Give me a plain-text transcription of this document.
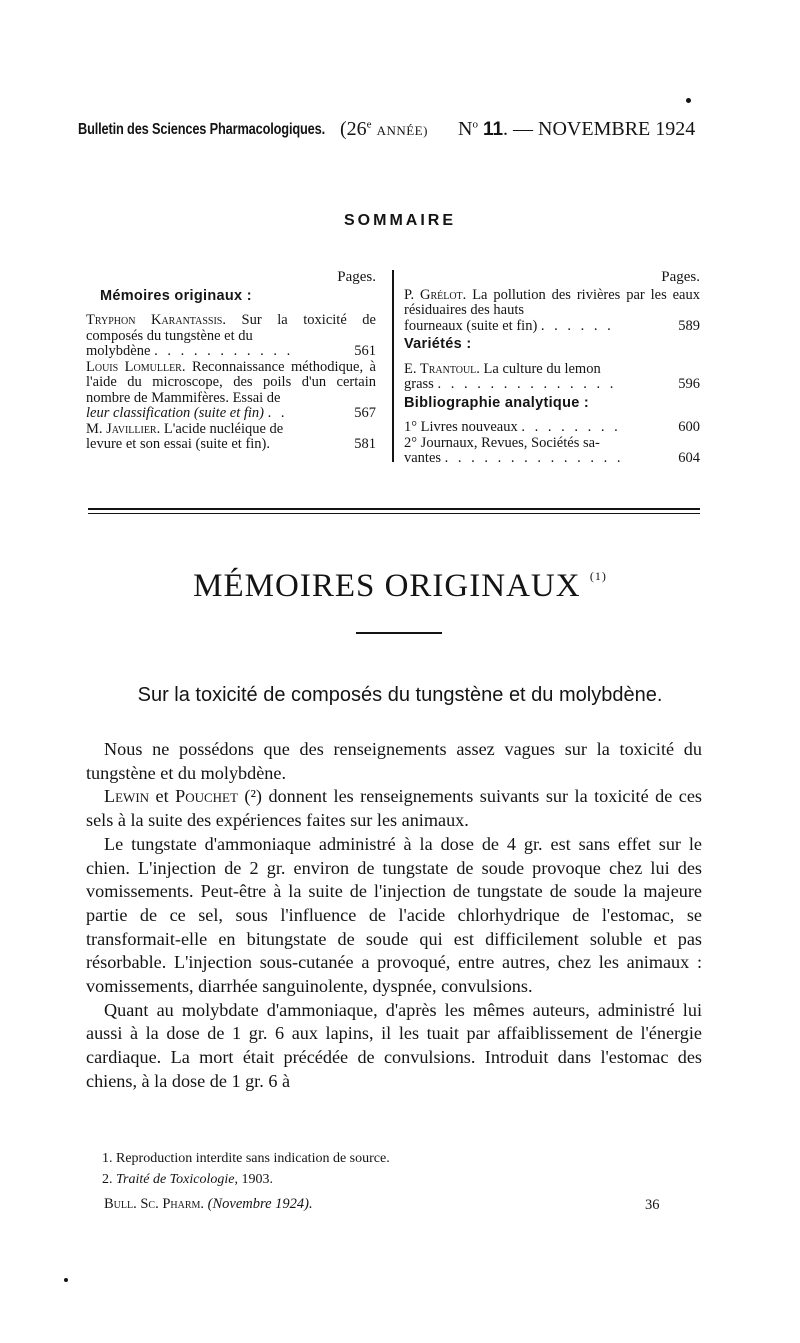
Bulletin des Sciences Pharmacologiques. (26e ANNÉE) $N^o$ 11. — NOVEMBRE 1924
SOMMAIRE
Pages.
Mémoires originaux :
Tryphon Karantassis. Sur la toxicité de composés du tungstène et du
molybdène . . . . . . . . . . .	561
Louis Lomuller. Reconnaissance méthodique, à l'aide du microscope, des poils d'un certain nombre de Mammifères. Essai de
leur classification (suite et fin) . .	567
M. Javillier. L'acide nucléique de
levure et son essai (suite et fin).	581
Pages.
P. Grélot. La pollution des rivières par les eaux résiduaires des hauts
fourneaux (suite et fin) . . . . . .	589
Variétés :
E. Trantoul. La culture du lemon
grass . . . . . . . . . . . . . .	596
Bibliographie analytique :
1° Livres nouveaux . . . . . . . .	600
2° Journaux, Revues, Sociétés sa-
vantes . . . . . . . . . . . . . .	604
MÉMOIRES ORIGINAUX $^{(1)}$
Sur la toxicité de composés du tungstène et du molybdène.

Nous ne possédons que des renseignements assez vagues sur la toxicité du tungstène et du molybdène.

Lewin et Pouchet (²) donnent les renseignements suivants sur la toxicité de ces sels à la suite des expériences faites sur les animaux.

Le tungstate d'ammoniaque administré à la dose de 4 gr. est sans effet sur le chien. L'injection de 2 gr. environ de tungstate de soude provoque chez lui des vomissements. Peut-être à la suite de l'injection de tungstate de soude la majeure partie de ce sel, sous l'influence de l'acide chlorhydrique de l'estomac, se transformait-elle en bitungstate de soude qui est difficilement soluble et pas résorbable. L'injection sous-cutanée a provoqué, entre autres, chez les animaux : vomissements, diarrhée sanguinolente, dyspnée, convulsions.

Quant au molybdate d'ammoniaque, d'après les mêmes auteurs, administré lui aussi à la dose de 1 gr. 6 aux lapins, il les tuait par affaiblissement de l'énergie cardiaque. La mort était précédée de convulsions. Introduit dans l'estomac des chiens, à la dose de 1 gr. 6 à

1. Reproduction interdite sans indication de source.
2. Traité de Toxicologie, 1903.
Bull. Sc. Pharm. (Novembre 1924).	36
